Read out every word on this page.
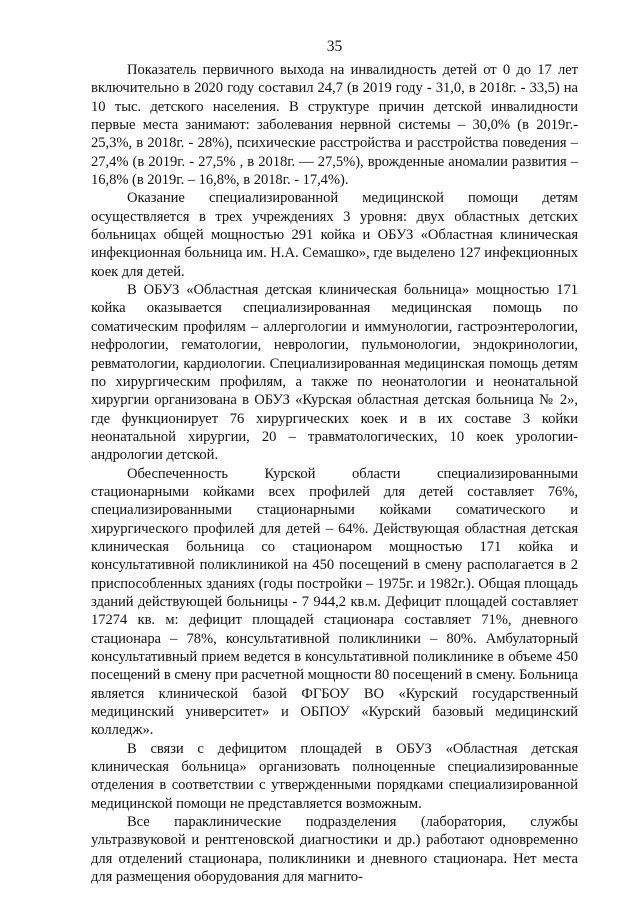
35

Показатель первичного выхода на инвалидность детей от 0 до 17 лет включительно в 2020 году составил 24,7 (в 2019 году - 31,0, в 2018г. - 33,5) на 10 тыс. детского населения. В структуре причин детской инвалидности первые места занимают: заболевания нервной системы – 30,0% (в 2019г.- 25,3%, в 2018г. - 28%), психические расстройства и расстройства поведения – 27,4% (в 2019г. - 27,5% , в 2018г. — 27,5%), врожденные аномалии развития – 16,8% (в 2019г. – 16,8%, в 2018г. - 17,4%).

Оказание специализированной медицинской помощи детям осуществляется в трех учреждениях 3 уровня: двух областных детских больницах общей мощностью 291 койка и ОБУЗ «Областная клиническая инфекционная больница им. Н.А. Семашко», где выделено 127 инфекционных коек для детей.

В ОБУЗ «Областная детская клиническая больница» мощностью 171 койка оказывается специализированная медицинская помощь по соматическим профилям – аллергологии и иммунологии, гастроэнтерологии, нефрологии, гематологии, неврологии, пульмонологии, эндокринологии, ревматологии, кардиологии. Специализированная медицинская помощь детям по хирургическим профилям, а также по неонатологии и неонатальной хирургии организована в ОБУЗ «Курская областная детская больница № 2», где функционирует 76 хирургических коек и в их составе 3 койки неонатальной хирургии, 20 – травматологических, 10 коек урологии-андрологии детской.

Обеспеченность Курской области специализированными стационарными койками всех профилей для детей составляет 76%, специализированными стационарными койками соматического и хирургического профилей для детей – 64%. Действующая областная детская клиническая больница со стационаром мощностью 171 койка и консультативной поликлиникой на 450 посещений в смену располагается в 2 приспособленных зданиях (годы постройки – 1975г. и 1982г.). Общая площадь зданий действующей больницы - 7 944,2 кв.м. Дефицит площадей составляет 17274 кв. м: дефицит площадей стационара составляет 71%, дневного стационара – 78%, консультативной поликлиники – 80%. Амбулаторный консультативный прием ведется в консультативной поликлинике в объеме 450 посещений в смену при расчетной мощности 80 посещений в смену. Больница является клинической базой ФГБОУ ВО «Курский государственный медицинский университет» и ОБПОУ «Курский базовый медицинский колледж».

В связи с дефицитом площадей в ОБУЗ «Областная детская клиническая больница» организовать полноценные специализированные отделения в соответствии с утвержденными порядками специализированной медицинской помощи не представляется возможным.

Все параклинические подразделения (лаборатория, службы ультразвуковой и рентгеновской диагностики и др.) работают одновременно для отделений стационара, поликлиники и дневного стационара. Нет места для размещения оборудования для магнито-
